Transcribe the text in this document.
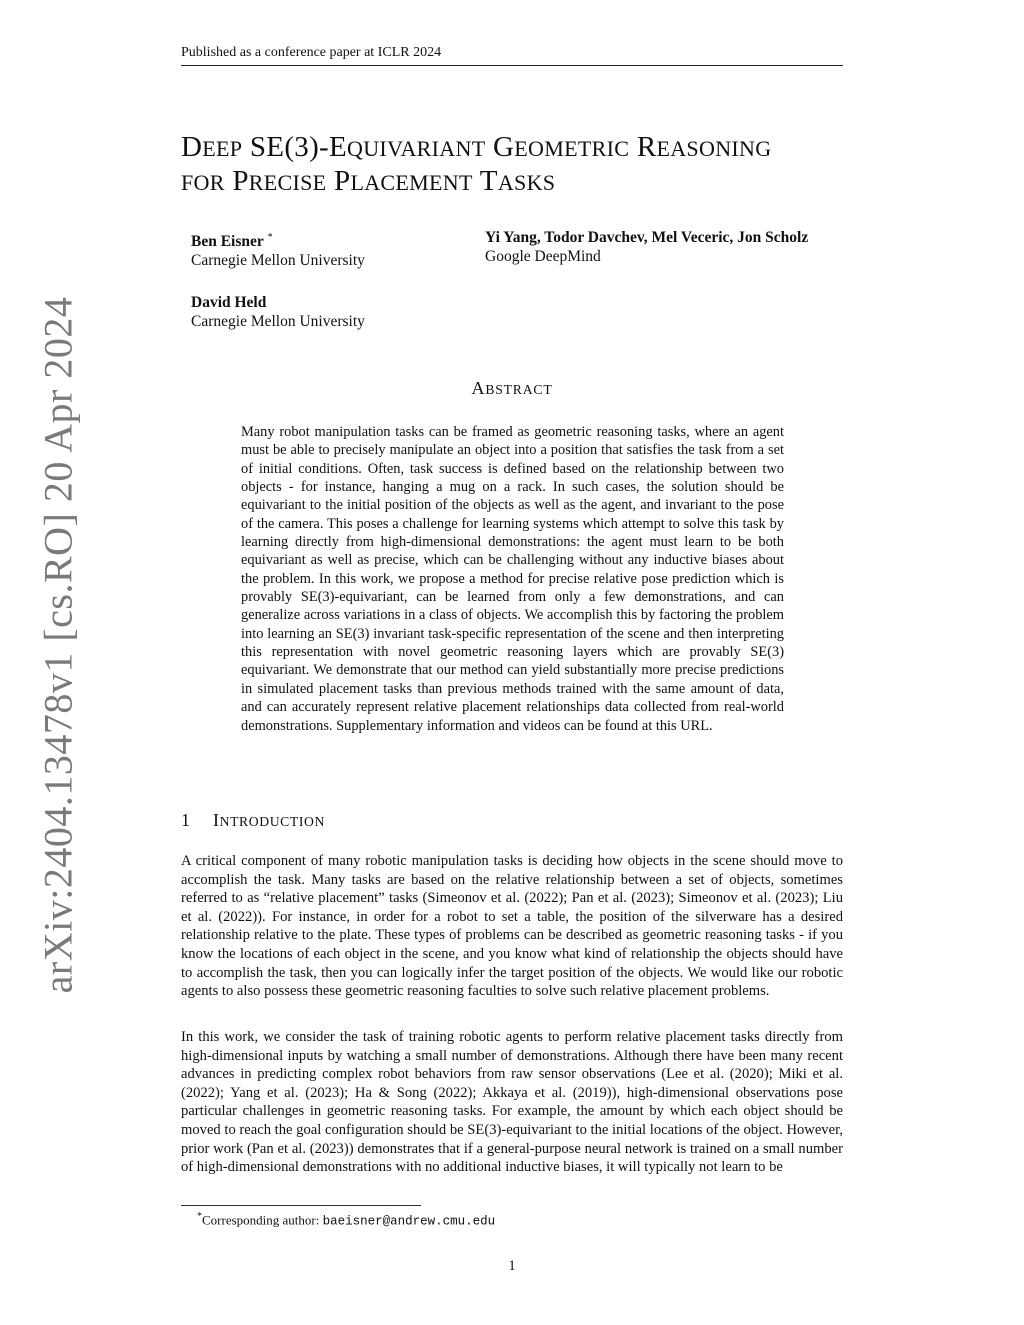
Published as a conference paper at ICLR 2024
arXiv:2404.13478v1 [cs.RO] 20 Apr 2024
DEEP SE(3)-EQUIVARIANT GEOMETRIC REASONING
FOR PRECISE PLACEMENT TASKS
Ben Eisner *
Carnegie Mellon University
Yi Yang, Todor Davchev, Mel Veceric, Jon Scholz
Google DeepMind
David Held
Carnegie Mellon University
ABSTRACT
Many robot manipulation tasks can be framed as geometric reasoning tasks, where an agent must be able to precisely manipulate an object into a position that satisfies the task from a set of initial conditions. Often, task success is defined based on the relationship between two objects - for instance, hanging a mug on a rack. In such cases, the solution should be equivariant to the initial position of the objects as well as the agent, and invariant to the pose of the camera. This poses a challenge for learning systems which attempt to solve this task by learning directly from high-dimensional demonstrations: the agent must learn to be both equivariant as well as precise, which can be challenging without any inductive biases about the problem. In this work, we propose a method for precise relative pose prediction which is provably SE(3)-equivariant, can be learned from only a few demonstrations, and can generalize across variations in a class of objects. We accomplish this by factoring the problem into learning an SE(3) invariant task-specific representation of the scene and then interpreting this representation with novel geometric reasoning layers which are provably SE(3) equivariant. We demonstrate that our method can yield substantially more precise predictions in simulated placement tasks than previous methods trained with the same amount of data, and can accurately represent relative placement relationships data collected from real-world demonstrations. Supplementary information and videos can be found at this URL.
1 INTRODUCTION
A critical component of many robotic manipulation tasks is deciding how objects in the scene should move to accomplish the task. Many tasks are based on the relative relationship between a set of objects, sometimes referred to as “relative placement” tasks (Simeonov et al. (2022); Pan et al. (2023); Simeonov et al. (2023); Liu et al. (2022)). For instance, in order for a robot to set a table, the position of the silverware has a desired relationship relative to the plate. These types of problems can be described as geometric reasoning tasks - if you know the locations of each object in the scene, and you know what kind of relationship the objects should have to accomplish the task, then you can logically infer the target position of the objects. We would like our robotic agents to also possess these geometric reasoning faculties to solve such relative placement problems.
In this work, we consider the task of training robotic agents to perform relative placement tasks directly from high-dimensional inputs by watching a small number of demonstrations. Although there have been many recent advances in predicting complex robot behaviors from raw sensor observations (Lee et al. (2020); Miki et al. (2022); Yang et al. (2023); Ha & Song (2022); Akkaya et al. (2019)), high-dimensional observations pose particular challenges in geometric reasoning tasks. For example, the amount by which each object should be moved to reach the goal configuration should be SE(3)-equivariant to the initial locations of the object. However, prior work (Pan et al. (2023)) demonstrates that if a general-purpose neural network is trained on a small number of high-dimensional demonstrations with no additional inductive biases, it will typically not learn to be
*Corresponding author: baeisner@andrew.cmu.edu
1
